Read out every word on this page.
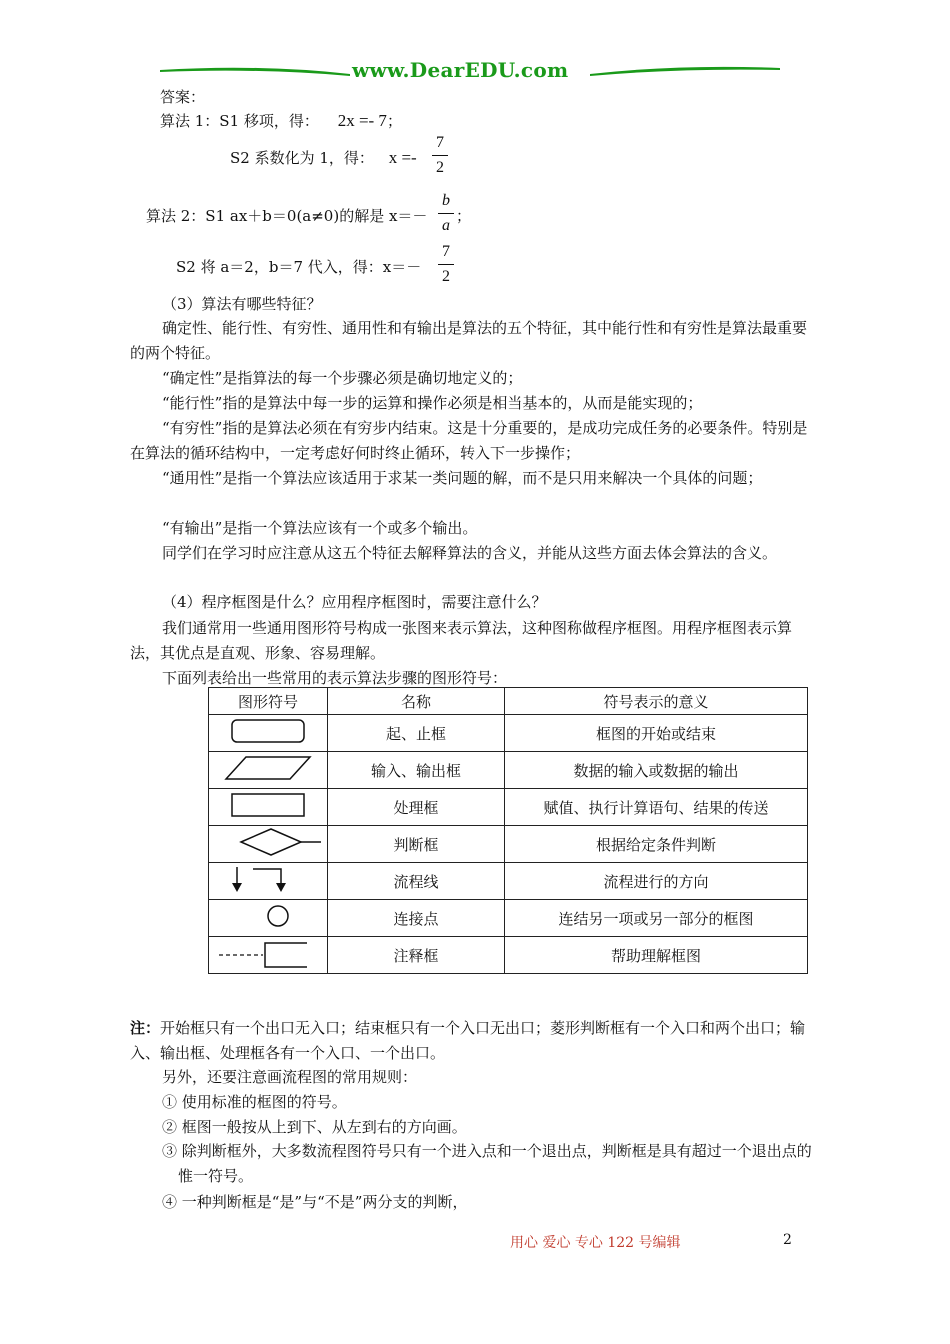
www.DearEDU.com
答案：
算法 1：S1 移项，得： 2x =- 7；
S2 系数化为 1，得： x =-
7
2
算法 2：S1 ax＋b＝0(a≠0)的解是 x＝－
b
a
；
S2 将 a＝2，b＝7 代入，得：x＝－
7
2
（3）算法有哪些特征？
确定性、能行性、有穷性、通用性和有输出是算法的五个特征，其中能行性和有穷性是算法最重要的两个特征。
“确定性”是指算法的每一个步骤必须是确切地定义的；
“能行性”指的是算法中每一步的运算和操作必须是相当基本的，从而是能实现的；
“有穷性”指的是算法必须在有穷步内结束。这是十分重要的，是成功完成任务的必要条件。特别是在算法的循环结构中，一定考虑好何时终止循环，转入下一步操作；
“通用性”是指一个算法应该适用于求某一类问题的解，而不是只用来解决一个具体的问题；
“有输出”是指一个算法应该有一个或多个输出。
同学们在学习时应注意从这五个特征去解释算法的含义，并能从这些方面去体会算法的含义。
（4）程序框图是什么？应用程序框图时，需要注意什么？
我们通常用一些通用图形符号构成一张图来表示算法，这种图称做程序框图。用程序框图表示算法，其优点是直观、形象、容易理解。
下面列表给出一些常用的表示算法步骤的图形符号：
图形符号	名称	符号表示的意义
	起、止框	框图的开始或结束
	输入、输出框	数据的输入或数据的输出
	处理框	赋值、执行计算语句、结果的传送
	判断框	根据给定条件判断
	流程线	流程进行的方向
	连接点	连结另一项或另一部分的框图
	注释框	帮助理解框图
注：开始框只有一个出口无入口；结束框只有一个入口无出口；菱形判断框有一个入口和两个出口；输入、输出框、处理框各有一个入口、一个出口。
另外，还要注意画流程图的常用规则：
① 使用标准的框图的符号。
② 框图一般按从上到下、从左到右的方向画。
③ 除判断框外，大多数流程图符号只有一个进入点和一个退出点，判断框是具有超过一个退出点的惟一符号。
④ 一种判断框是“是”与“不是”两分支的判断，
用心 爱心 专心 122 号编辑	2
